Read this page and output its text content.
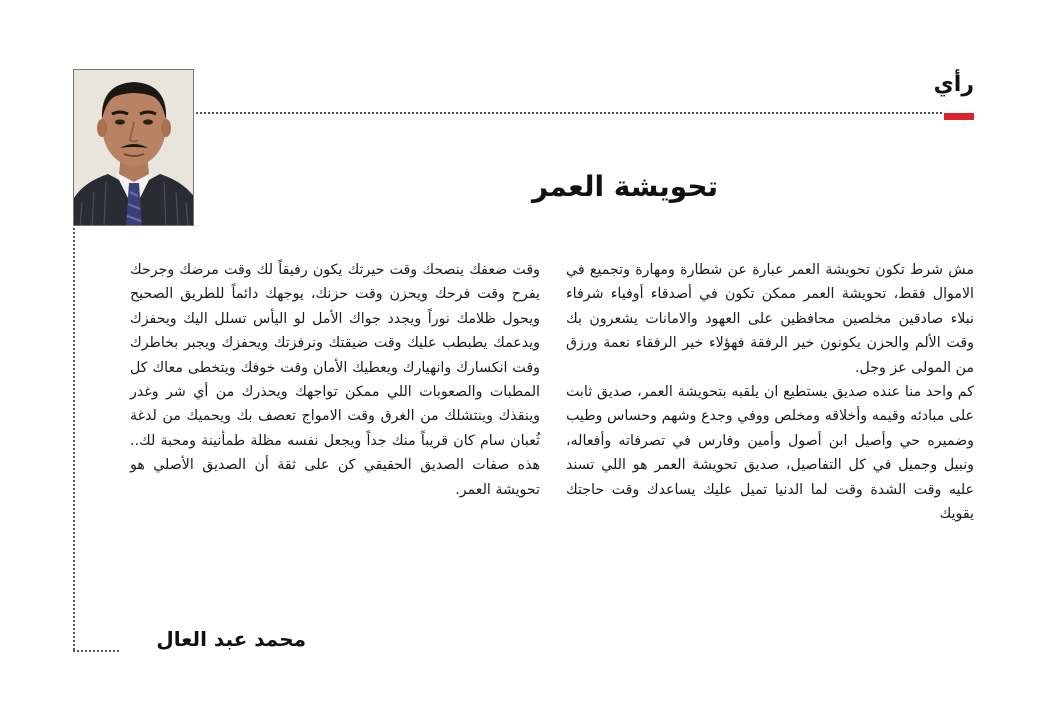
رأي
تحويشة العمر

مش شرط تكون تحويشة العمر عبارة عن شطارة ومهارة وتجميع في الاموال فقط، تحويشة العمر ممكن تكون في أصدقاء أوفياء شرفاء نبلاء صادقين مخلصين محافظين على العهود والامانات يشعرون بك وقت الألم والحزن يكونون خير الرفقة فهؤلاء خير الرفقاء نعمة ورزق من المولى عز وجل.

كم واحد منا عنده صديق يستطيع ان يلقبه بتحويشة العمر، صديق ثابت على مبادئه وقيمه وأخلاقه ومخلص ووفي وجدع وشهم وحساس وطيب وضميره حي وأصيل ابن أصول وأمين وفارس في تصرفاته وأفعاله، ونبيل وجميل في كل التفاصيل، صديق تحويشة العمر هو اللي تسند عليه وقت الشدة وقت لما الدنيا تميل عليك يساعدك وقت حاجتك يقويك

وقت ضعفك ينصحك وقت حيرتك يكون رفيقاً لك وقت مرضك وجرحك يفرح وقت فرحك ويحزن وقت حزنك، يوجهك دائماً للطريق الصحيح ويحول ظلامك نوراً ويجدد جواك الأمل لو اليأس تسلل اليك ويحفزك ويدعمك يطبطب عليك وقت ضيقتك ونرفزتك ويحفزك ويجبر بخاطرك وقت انكسارك وانهيارك ويعطيك الأمان وقت خوفك ويتخطى معاك كل المطبات والصعوبات اللي ممكن تواجهك ويحذرك من أي شر وغدر وينقذك وينتشلك من الغرق وقت الامواج تعصف بك ويحميك من لدغة ثُعبان سام كان قريباً منك جداً ويجعل نفسه مظلة طمأنينة ومحبة لك.. هذه صفات الصديق الحقيقي كن على ثقة أن الصديق الأصلي هو تحويشة العمر.

محمد عبد العال
